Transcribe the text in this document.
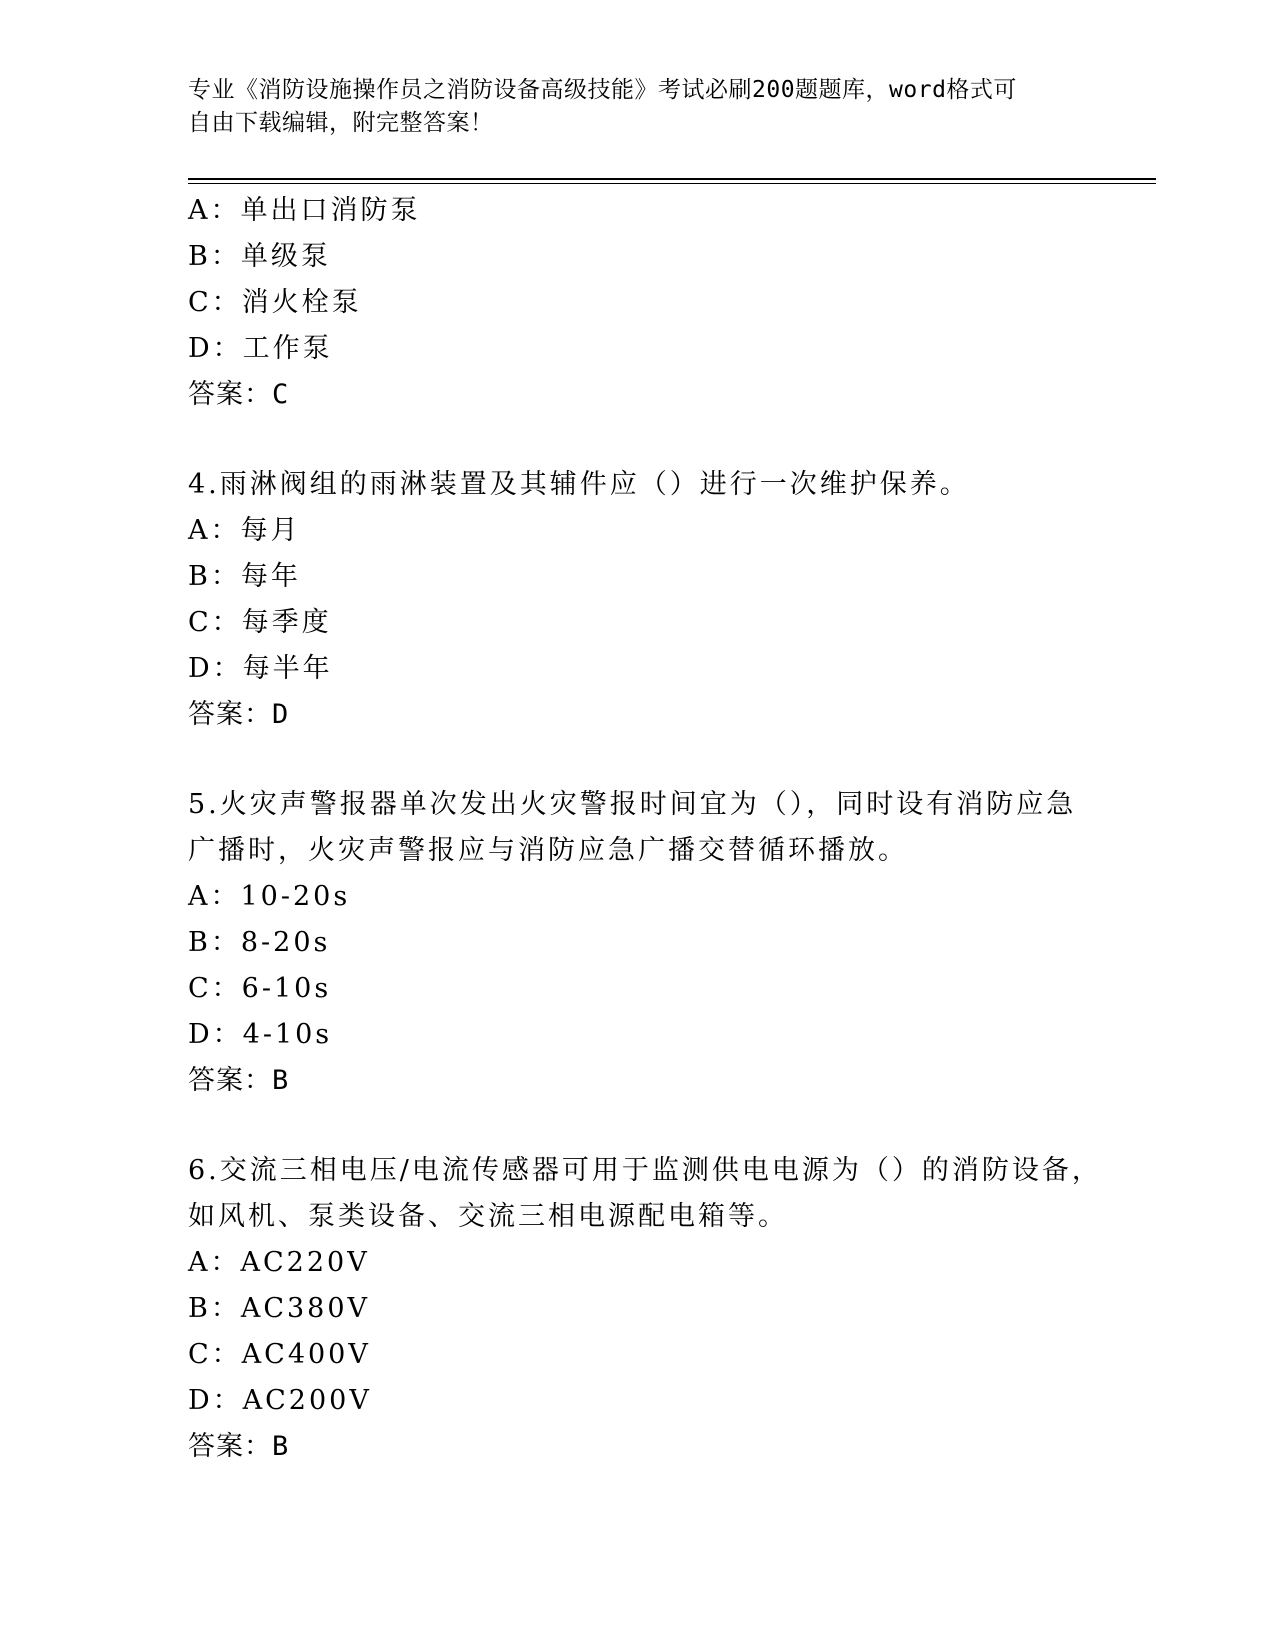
专业《消防设施操作员之消防设备高级技能》考试必刷200题题库，word格式可
自由下载编辑，附完整答案！
A：单出口消防泵
B：单级泵
C：消火栓泵
D：工作泵
答案：C
4.雨淋阀组的雨淋装置及其辅件应（）进行一次维护保养。
A：每月
B：每年
C：每季度
D：每半年
答案：D
5.火灾声警报器单次发出火灾警报时间宜为（），同时设有消防应急
广播时，火灾声警报应与消防应急广播交替循环播放。
A：10-20s
B：8-20s
C：6-10s
D：4-10s
答案：B
6.交流三相电压/电流传感器可用于监测供电电源为（）的消防设备，
如风机、泵类设备、交流三相电源配电箱等。
A：AC220V
B：AC380V
C：AC400V
D：AC200V
答案：B
